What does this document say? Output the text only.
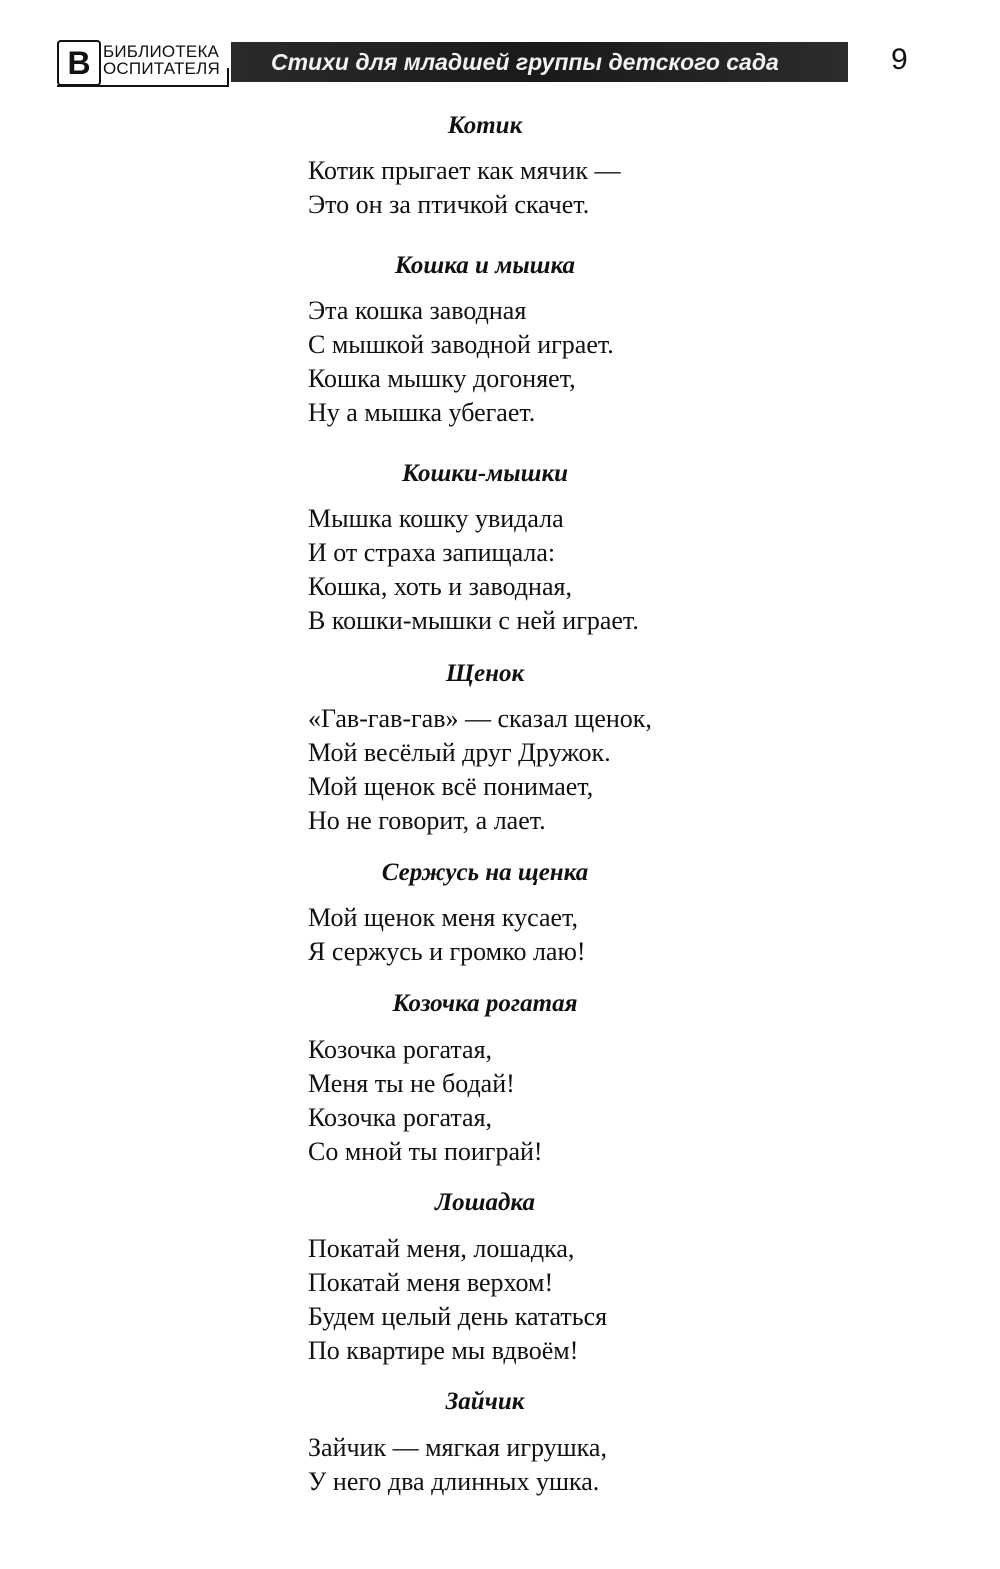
В БИБЛИОТЕКА
ОСПИТАТЕЛЯ Стихи для младшей группы детского сада	9
Котик
Котик прыгает как мячик —
Это он за птичкой скачет.
Кошка и мышка
Эта кошка заводная
С мышкой заводной играет.
Кошка мышку догоняет,
Ну а мышка убегает.
Кошки-мышки
Мышка кошку увидала
И от страха запищала:
Кошка, хоть и заводная,
В кошки-мышки с ней играет.
Щенок
«Гав-гав-гав» — сказал щенок,
Мой весёлый друг Дружок.
Мой щенок всё понимает,
Но не говорит, а лает.
Сержусь на щенка
Мой щенок меня кусает,
Я сержусь и громко лаю!
Козочка рогатая
Козочка рогатая,
Меня ты не бодай!
Козочка рогатая,
Со мной ты поиграй!
Лошадка
Покатай меня, лошадка,
Покатай меня верхом!
Будем целый день кататься
По квартире мы вдвоём!
Зайчик
Зайчик — мягкая игрушка,
У него два длинных ушка.
